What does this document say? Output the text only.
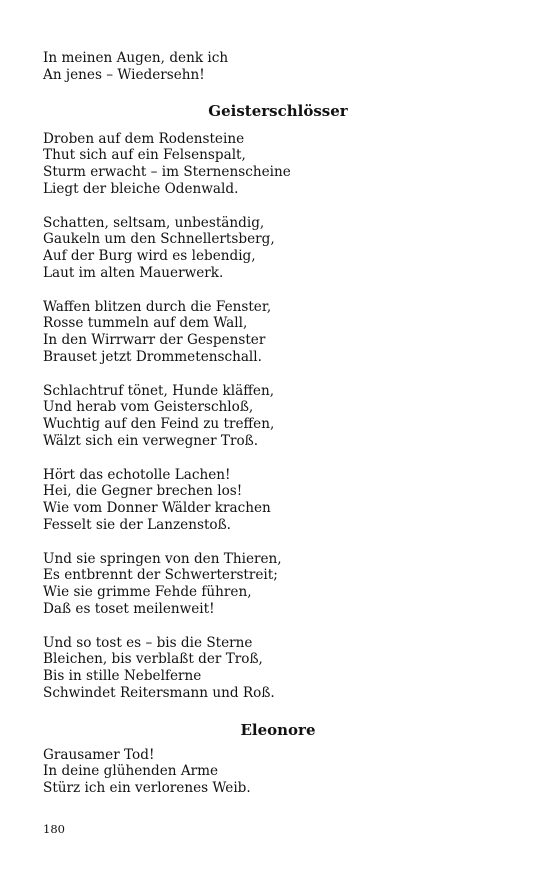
In meinen Augen, denk ich
An jenes – Wiedersehn!
Geisterschlösser
Droben auf dem Rodensteine
Thut sich auf ein Felsenspalt,
Sturm erwacht – im Sternenscheine
Liegt der bleiche Odenwald.
Schatten, seltsam, unbeständig,
Gaukeln um den Schnellertsberg,
Auf der Burg wird es lebendig,
Laut im alten Mauerwerk.
Waffen blitzen durch die Fenster,
Rosse tummeln auf dem Wall,
In den Wirrwarr der Gespenster
Brauset jetzt Drommetenschall.
Schlachtruf tönet, Hunde kläffen,
Und herab vom Geisterschloß,
Wuchtig auf den Feind zu treffen,
Wälzt sich ein verwegner Troß.
Hört das echotolle Lachen!
Hei, die Gegner brechen los!
Wie vom Donner Wälder krachen
Fesselt sie der Lanzenstoß.
Und sie springen von den Thieren,
Es entbrennt der Schwerterstreit;
Wie sie grimme Fehde führen,
Daß es toset meilenweit!
Und so tost es – bis die Sterne
Bleichen, bis verblaßt der Troß,
Bis in stille Nebelferne
Schwindet Reitersmann und Roß.
Eleonore
Grausamer Tod!
In deine glühenden Arme
Stürz ich ein verlorenes Weib.
180
